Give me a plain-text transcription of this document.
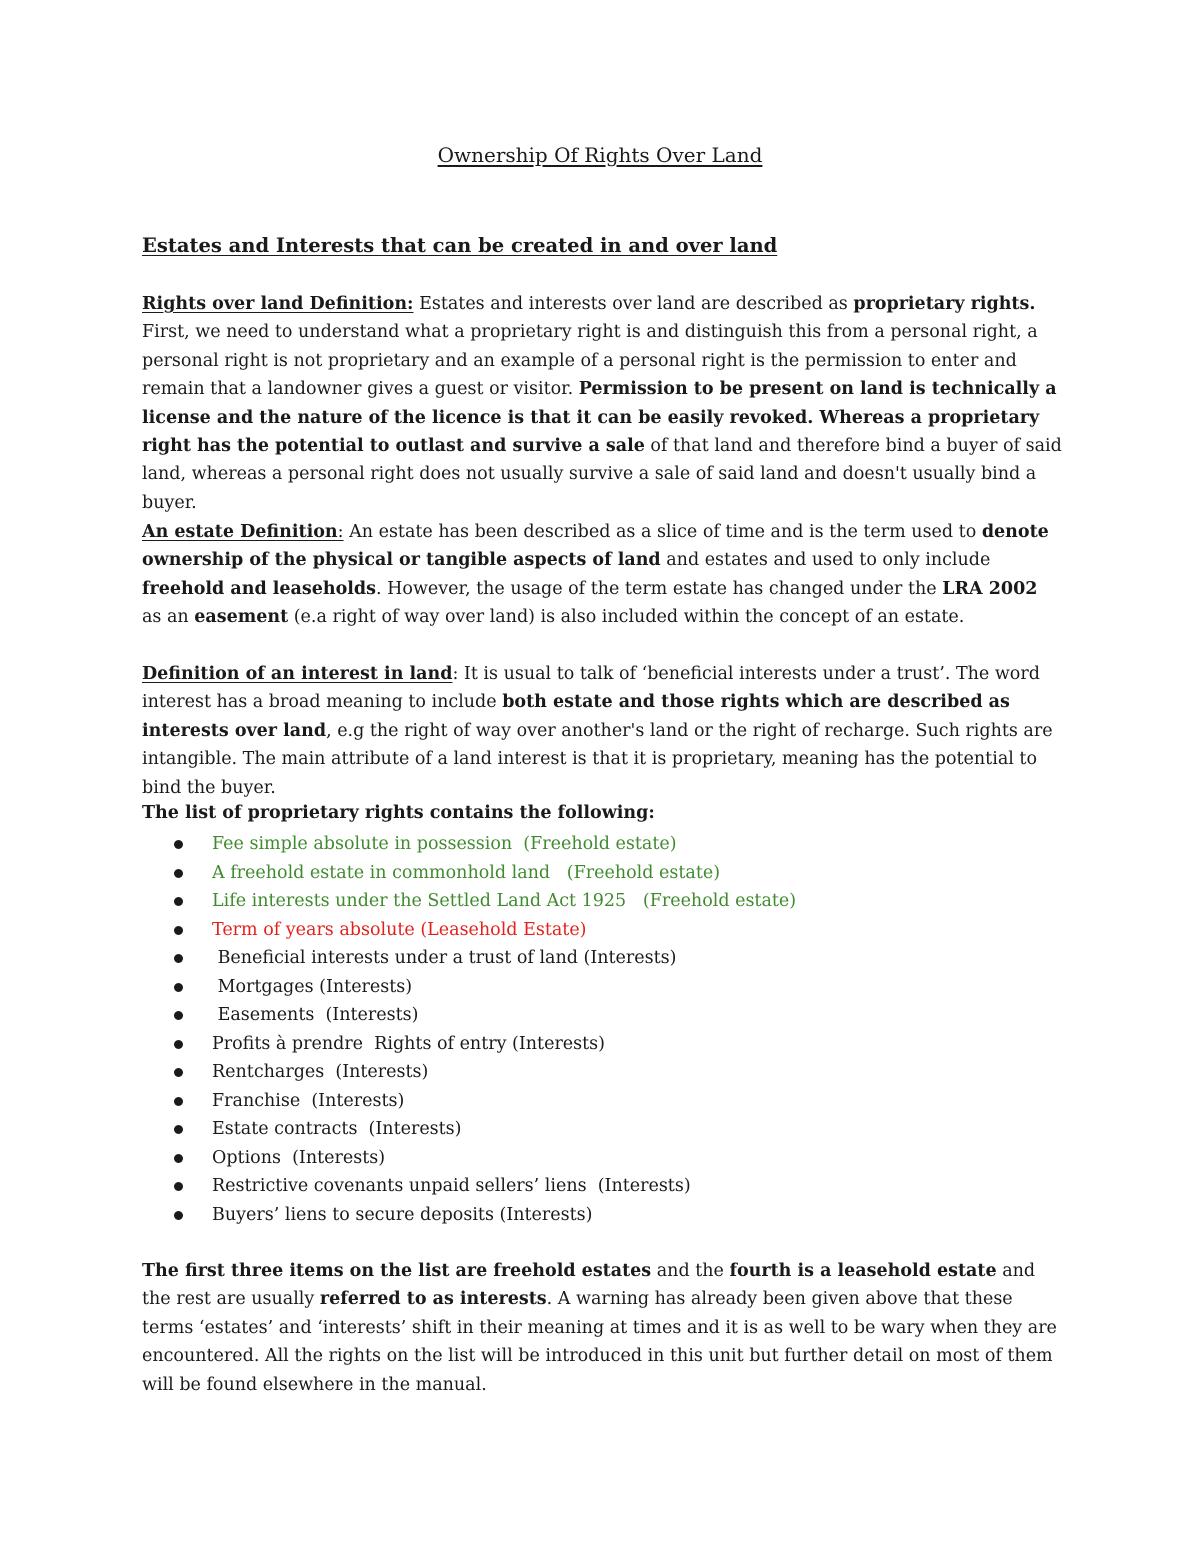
Ownership Of Rights Over Land
Estates and Interests that can be created in and over land

Rights over land Definition: Estates and interests over land are described as proprietary rights. First, we need to understand what a proprietary right is and distinguish this from a personal right, a personal right is not proprietary and an example of a personal right is the permission to enter and remain that a landowner gives a guest or visitor. Permission to be present on land is technically a license and the nature of the licence is that it can be easily revoked. Whereas a proprietary right has the potential to outlast and survive a sale of that land and therefore bind a buyer of said land, whereas a personal right does not usually survive a sale of said land and doesn't usually bind a buyer.

An estate Definition: An estate has been described as a slice of time and is the term used to denote ownership of the physical or tangible aspects of land and estates and used to only include freehold and leaseholds. However, the usage of the term estate has changed under the LRA 2002 as an easement (e.a right of way over land) is also included within the concept of an estate.

Definition of an interest in land: It is usual to talk of ‘beneficial interests under a trust’. The word interest has a broad meaning to include both estate and those rights which are described as interests over land, e.g the right of way over another's land or the right of recharge. Such rights are intangible. The main attribute of a land interest is that it is proprietary, meaning has the potential to bind the buyer.

The list of proprietary rights contains the following:

Fee simple absolute in possession  (Freehold estate)
A freehold estate in commonhold land   (Freehold estate)
Life interests under the Settled Land Act 1925   (Freehold estate)
Term of years absolute (Leasehold Estate)
Beneficial interests under a trust of land (Interests)
Mortgages (Interests)
Easements  (Interests)
Profits à prendre  Rights of entry (Interests)
Rentcharges  (Interests)
Franchise  (Interests)
Estate contracts  (Interests)
Options  (Interests)
Restrictive covenants unpaid sellers’ liens  (Interests)
Buyers’ liens to secure deposits (Interests)

The first three items on the list are freehold estates and the fourth is a leasehold estate and the rest are usually referred to as interests. A warning has already been given above that these terms ‘estates’ and ‘interests’ shift in their meaning at times and it is as well to be wary when they are encountered. All the rights on the list will be introduced in this unit but further detail on most of them will be found elsewhere in the manual.
